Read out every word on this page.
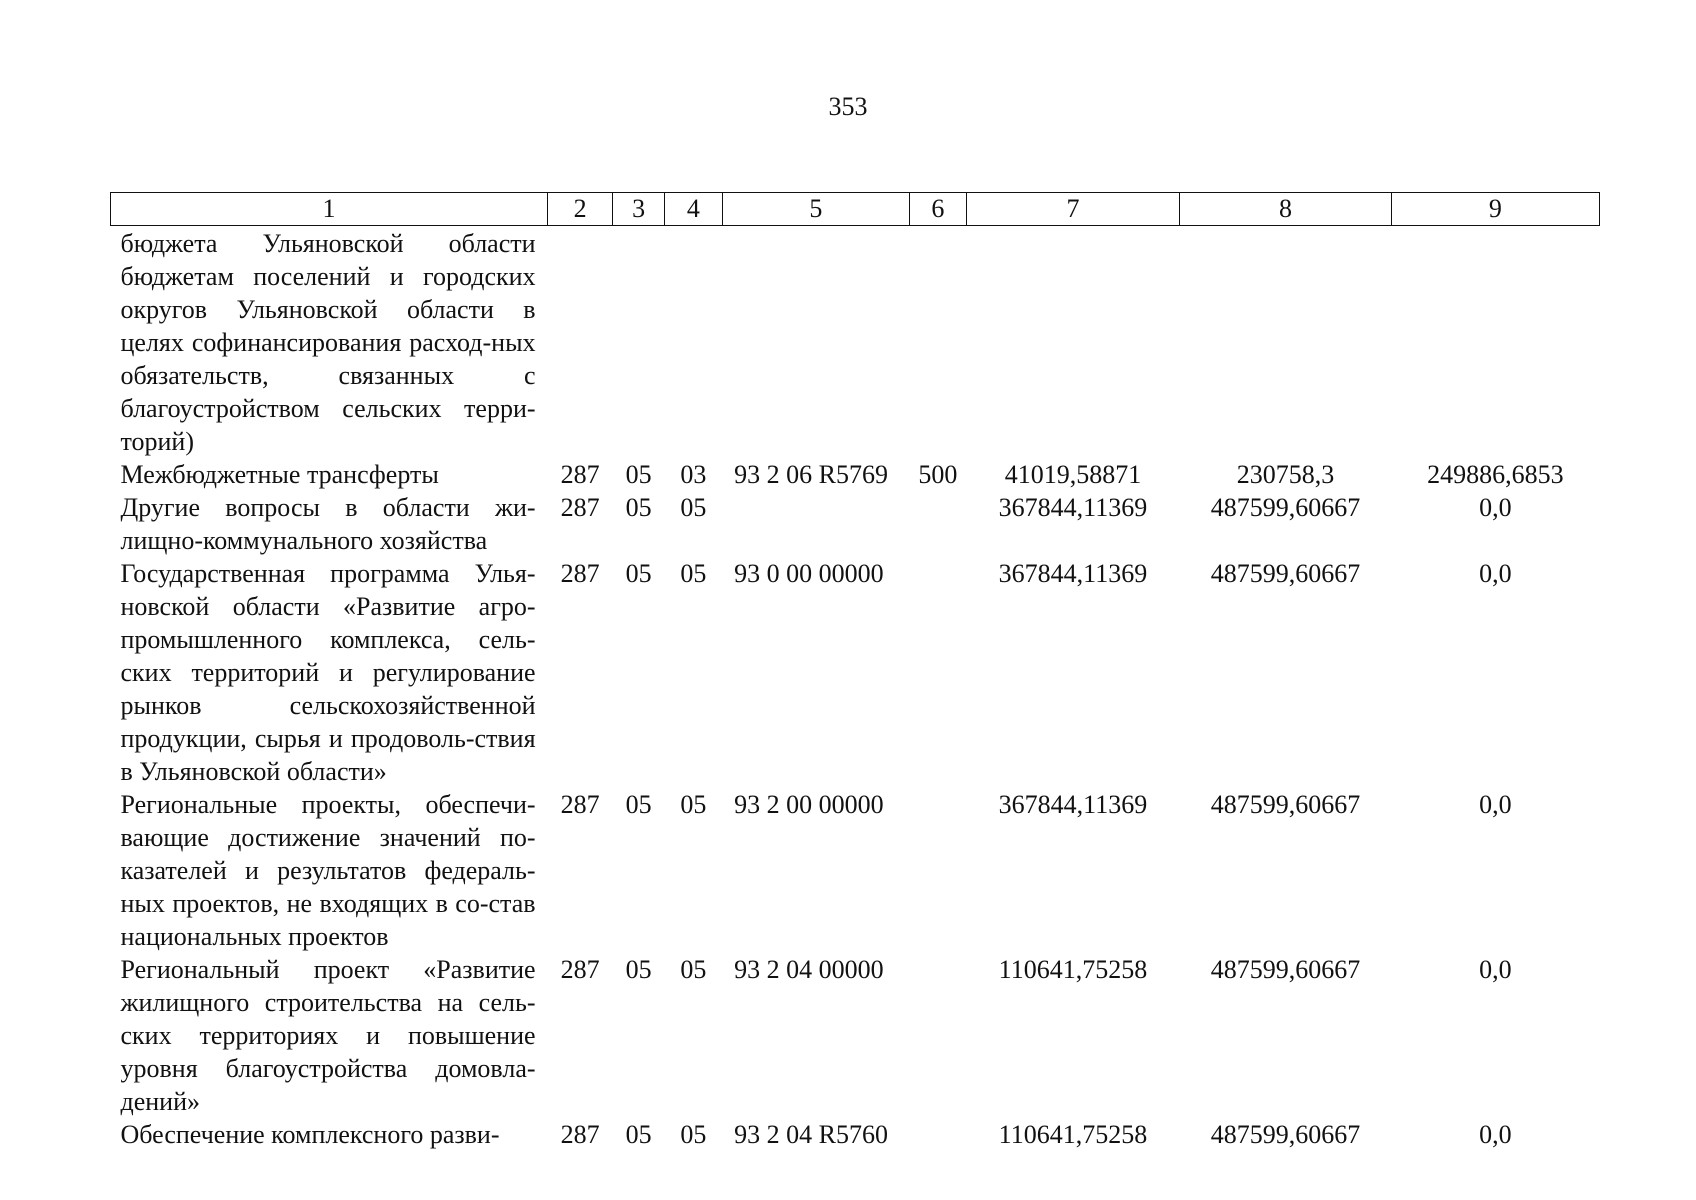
353
1	2	3	4	5	6	7	8	9
бюджета Ульяновской области бюджетам поселений и городских округов Ульяновской области в целях софинансирования расход-ных обязательств, связанных с благоустройством сельских терри-торий)								
Межбюджетные трансферты	287	05	03	93 2 06 R5769	500	41019,58871	230758,3	249886,6853
Другие вопросы в области жи-лищно-коммунального хозяйства	287	05	05			367844,11369	487599,60667	0,0
Государственная программа Улья-новской области «Развитие агро-промышленного комплекса, сель-ских территорий и регулирование рынков сельскохозяйственной продукции, сырья и продоволь-ствия в Ульяновской области»	287	05	05	93 0 00 00000		367844,11369	487599,60667	0,0
Региональные проекты, обеспечи-вающие достижение значений по-казателей и результатов федераль-ных проектов, не входящих в со-став национальных проектов	287	05	05	93 2 00 00000		367844,11369	487599,60667	0,0
Региональный проект «Развитие жилищного строительства на сель-ских территориях и повышение уровня благоустройства домовла-дений»	287	05	05	93 2 04 00000		110641,75258	487599,60667	0,0
Обеспечение комплексного разви-	287	05	05	93 2 04 R5760		110641,75258	487599,60667	0,0
